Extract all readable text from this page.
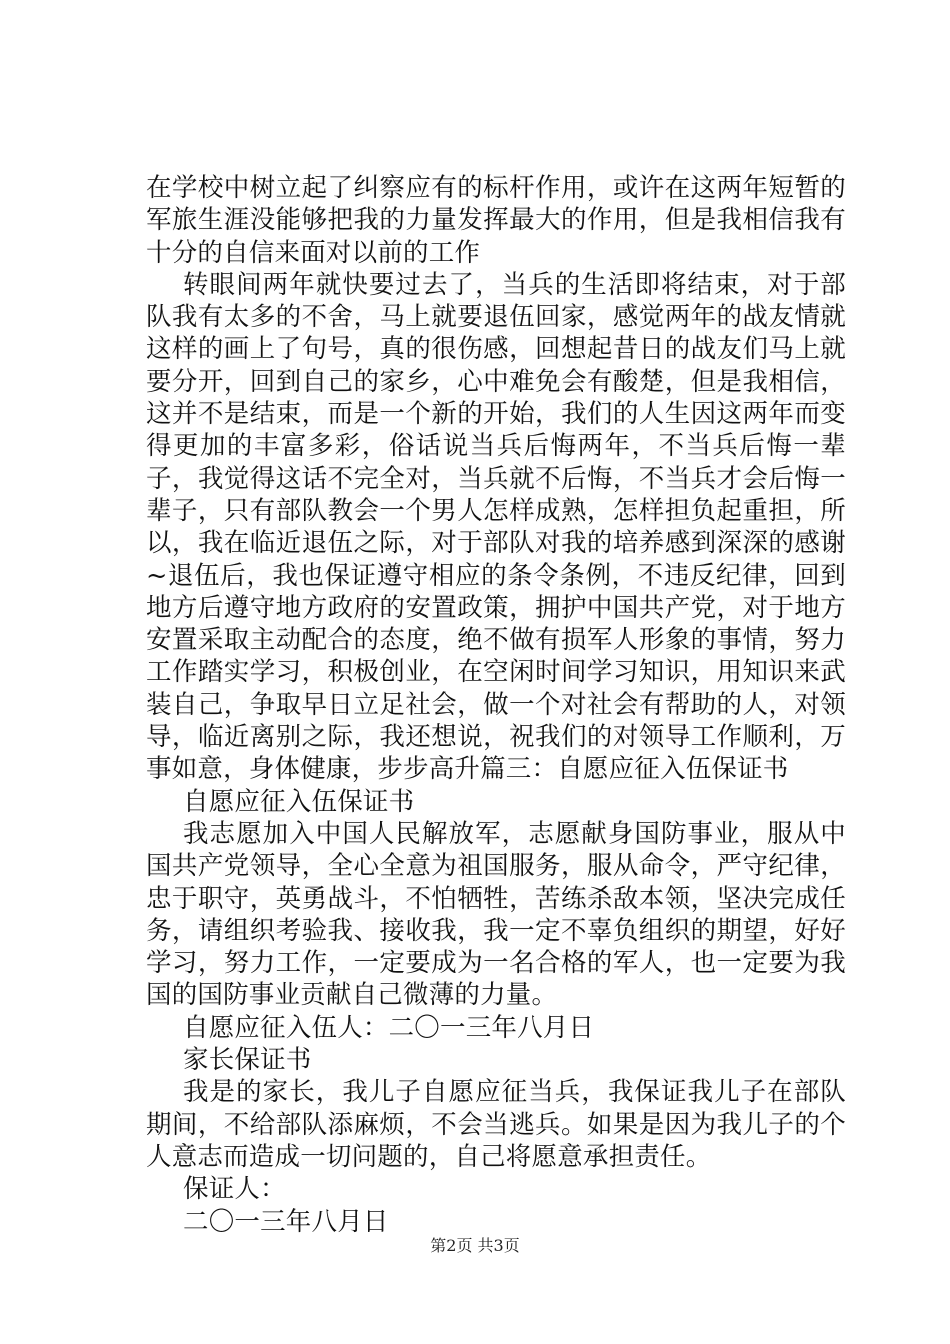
在学校中树立起了纠察应有的标杆作用，或许在这两年短暂的军旅生涯没能够把我的力量发挥最大的作用，但是我相信我有十分的自信来面对以前的工作

转眼间两年就快要过去了，当兵的生活即将结束，对于部队我有太多的不舍，马上就要退伍回家，感觉两年的战友情就这样的画上了句号，真的很伤感，回想起昔日的战友们马上就要分开，回到自己的家乡，心中难免会有酸楚，但是我相信，这并不是结束，而是一个新的开始，我们的人生因这两年而变得更加的丰富多彩，俗话说当兵后悔两年，不当兵后悔一辈子，我觉得这话不完全对，当兵就不后悔，不当兵才会后悔一辈子，只有部队教会一个男人怎样成熟，怎样担负起重担，所以，我在临近退伍之际，对于部队对我的培养感到深深的感谢~退伍后，我也保证遵守相应的条令条例，不违反纪律，回到地方后遵守地方政府的安置政策，拥护中国共产党，对于地方安置采取主动配合的态度，绝不做有损军人形象的事情，努力工作踏实学习，积极创业，在空闲时间学习知识，用知识来武装自己，争取早日立足社会，做一个对社会有帮助的人，对领导，临近离别之际，我还想说，祝我们的对领导工作顺利，万事如意，身体健康，步步高升篇三：自愿应征入伍保证书

自愿应征入伍保证书

我志愿加入中国人民解放军，志愿献身国防事业，服从中国共产党领导，全心全意为祖国服务，服从命令，严守纪律，忠于职守，英勇战斗，不怕牺牲，苦练杀敌本领，坚决完成任务，请组织考验我、接收我，我一定不辜负组织的期望，好好学习，努力工作，一定要成为一名合格的军人，也一定要为我国的国防事业贡献自己微薄的力量。

自愿应征入伍人：二〇一三年八月日

家长保证书

我是的家长，我儿子自愿应征当兵，我保证我儿子在部队期间，不给部队添麻烦，不会当逃兵。如果是因为我儿子的个人意志而造成一切问题的，自己将愿意承担责任。

保证人：

二〇一三年八月日

第2页 共3页
